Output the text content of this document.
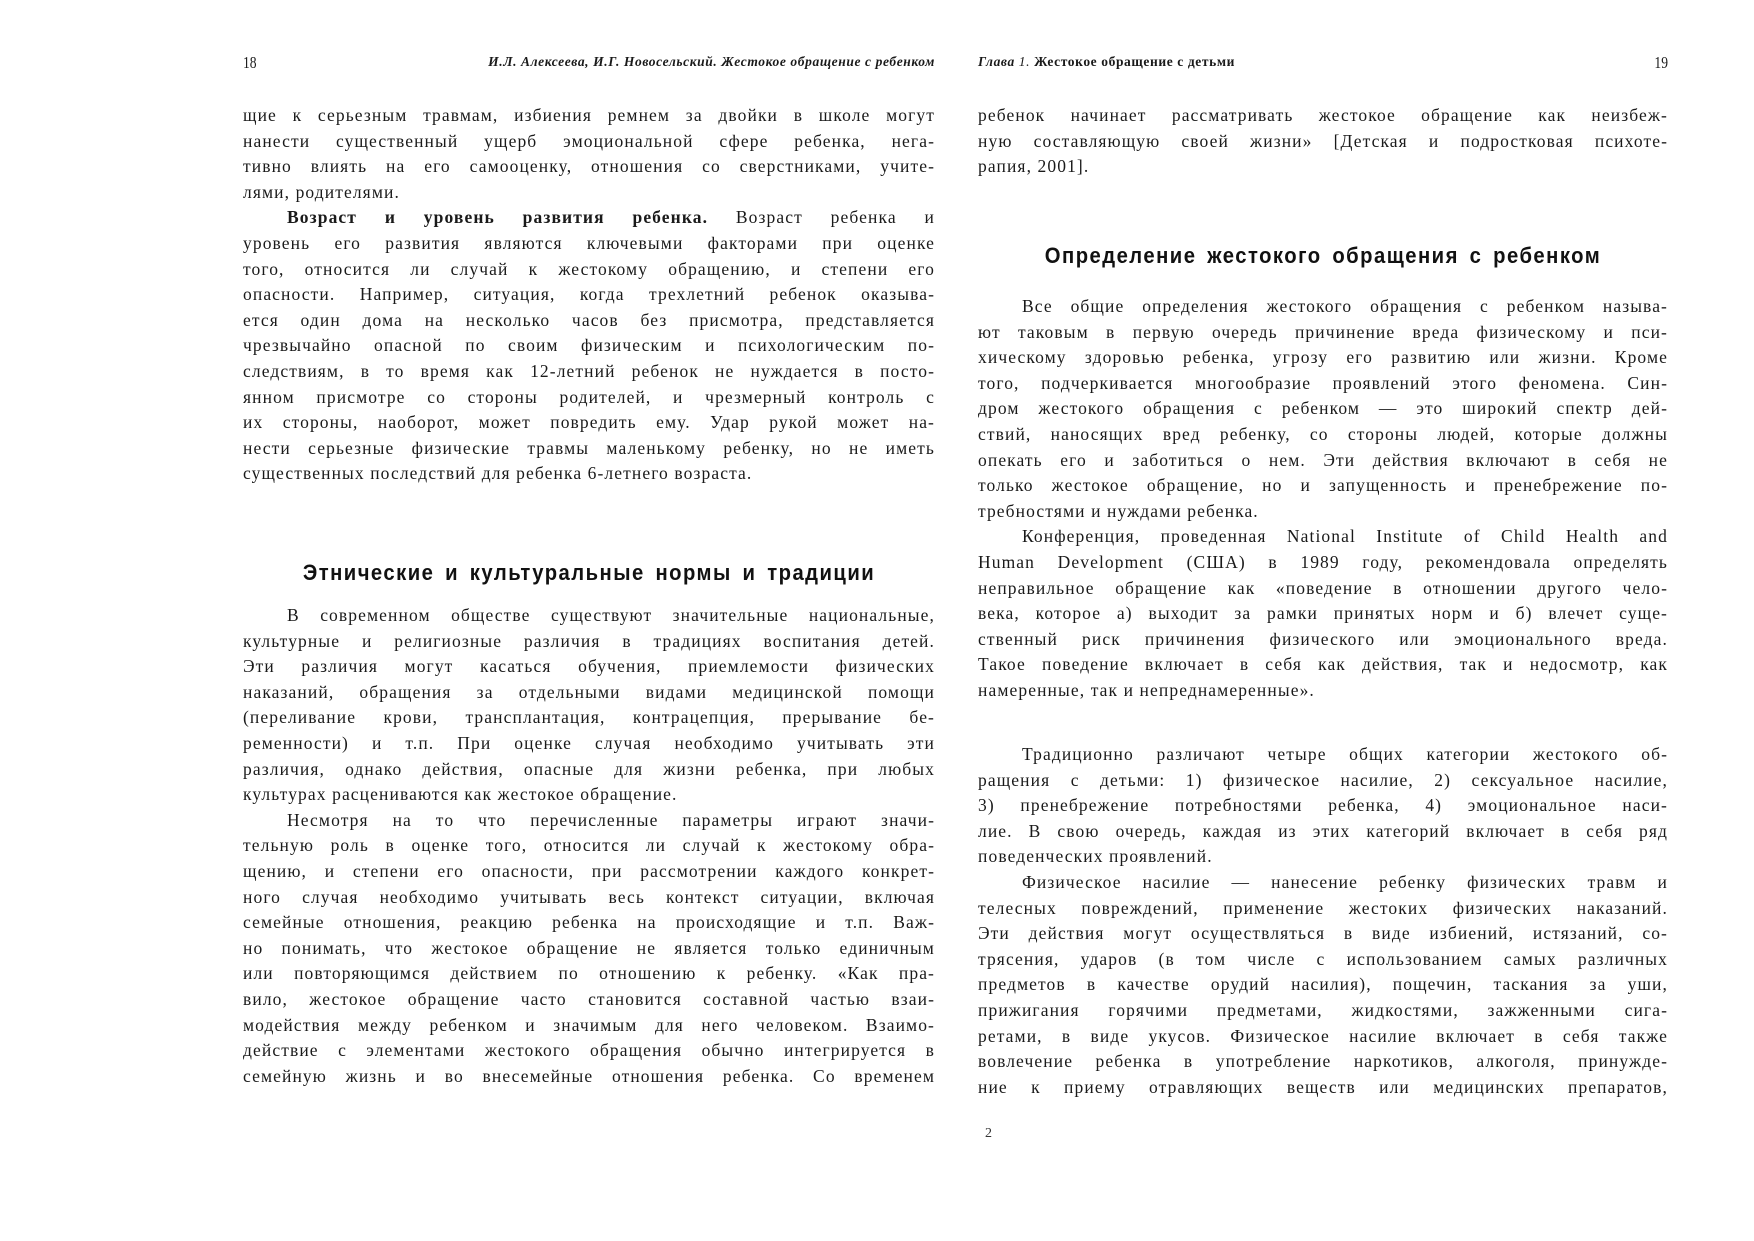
18	И.Л. Алексеева, И.Г. Новосельский. Жестокое обращение с ребенком
щие к серьезным травмам, избиения ремнем за двойки в школе могут
нанести существенный ущерб эмоциональной сфере ребенка, нега-
тивно влиять на его самооценку, отношения со сверстниками, учите-
лями, родителями.
Возраст и уровень развития ребенка. Возраст ребенка и
уровень его развития являются ключевыми факторами при оценке
того, относится ли случай к жестокому обращению, и степени его
опасности. Например, ситуация, когда трехлетний ребенок оказыва-
ется один дома на несколько часов без присмотра, представляется
чрезвычайно опасной по своим физическим и психологическим по-
следствиям, в то время как 12-летний ребенок не нуждается в посто-
янном присмотре со стороны родителей, и чрезмерный контроль с
их стороны, наоборот, может повредить ему. Удар рукой может на-
нести серьезные физические травмы маленькому ребенку, но не иметь
существенных последствий для ребенка 6-летнего возраста.
Этнические и культуральные нормы и традиции
В современном обществе существуют значительные национальные,
культурные и религиозные различия в традициях воспитания детей.
Эти различия могут касаться обучения, приемлемости физических
наказаний, обращения за отдельными видами медицинской помощи
(переливание крови, трансплантация, контрацепция, прерывание бе-
ременности) и т.п. При оценке случая необходимо учитывать эти
различия, однако действия, опасные для жизни ребенка, при любых
культурах расцениваются как жестокое обращение.
Несмотря на то что перечисленные параметры играют значи-
тельную роль в оценке того, относится ли случай к жестокому обра-
щению, и степени его опасности, при рассмотрении каждого конкрет-
ного случая необходимо учитывать весь контекст ситуации, включая
семейные отношения, реакцию ребенка на происходящие и т.п. Важ-
но понимать, что жестокое обращение не является только единичным
или повторяющимся действием по отношению к ребенку. «Как пра-
вило, жестокое обращение часто становится составной частью взаи-
модействия между ребенком и значимым для него человеком. Взаимо-
действие с элементами жестокого обращения обычно интегрируется в
семейную жизнь и во внесемейные отношения ребенка. Со временем
Глава 1. Жестокое обращение с детьми	19
ребенок начинает рассматривать жестокое обращение как неизбеж-
ную составляющую своей жизни» [Детская и подростковая психоте-
рапия, 2001].
Определение жестокого обращения с ребенком
Все общие определения жестокого обращения с ребенком называ-
ют таковым в первую очередь причинение вреда физическому и пси-
хическому здоровью ребенка, угрозу его развитию или жизни. Кроме
того, подчеркивается многообразие проявлений этого феномена. Син-
дром жестокого обращения с ребенком — это широкий спектр дей-
ствий, наносящих вред ребенку, со стороны людей, которые должны
опекать его и заботиться о нем. Эти действия включают в себя не
только жестокое обращение, но и запущенность и пренебрежение по-
требностями и нуждами ребенка.
Конференция, проведенная National Institute of Child Health and
Human Development (США) в 1989 году, рекомендовала определять
неправильное обращение как «поведение в отношении другого чело-
века, которое а) выходит за рамки принятых норм и б) влечет суще-
ственный риск причинения физического или эмоционального вреда.
Такое поведение включает в себя как действия, так и недосмотр, как
намеренные, так и непреднамеренные».
Традиционно различают четыре общих категории жестокого об-
ращения с детьми: 1) физическое насилие, 2) сексуальное насилие,
3) пренебрежение потребностями ребенка, 4) эмоциональное наси-
лие. В свою очередь, каждая из этих категорий включает в себя ряд
поведенческих проявлений.
Физическое насилие — нанесение ребенку физических травм и
телесных повреждений, применение жестоких физических наказаний.
Эти действия могут осуществляться в виде избиений, истязаний, со-
трясения, ударов (в том числе с использованием самых различных
предметов в качестве орудий насилия), пощечин, таскания за уши,
прижигания горячими предметами, жидкостями, зажженными сига-
ретами, в виде укусов. Физическое насилие включает в себя также
вовлечение ребенка в употребление наркотиков, алкоголя, принужде-
ние к приему отравляющих веществ или медицинских препаратов,
2
